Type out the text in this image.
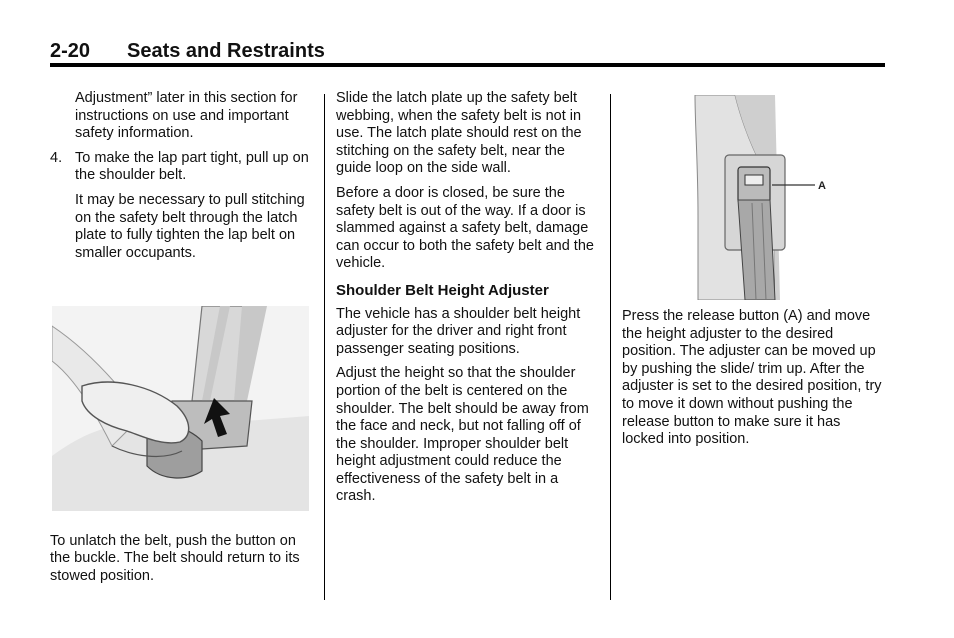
2-20 Seats and Restraints

Adjustment” later in this section for instructions on use and important safety information.

4. To make the lap part tight, pull up on the shoulder belt.

It may be necessary to pull stitching on the safety belt through the latch plate to fully tighten the lap belt on smaller occupants.

To unlatch the belt, push the button on the buckle. The belt should return to its stowed position.

Slide the latch plate up the safety belt webbing, when the safety belt is not in use. The latch plate should rest on the stitching on the safety belt, near the guide loop on the side wall.

Before a door is closed, be sure the safety belt is out of the way. If a door is slammed against a safety belt, damage can occur to both the safety belt and the vehicle.

Shoulder Belt Height Adjuster

The vehicle has a shoulder belt height adjuster for the driver and right front passenger seating positions.

Adjust the height so that the shoulder portion of the belt is centered on the shoulder. The belt should be away from the face and neck, but not falling off of the shoulder. Improper shoulder belt height adjustment could reduce the effectiveness of the safety belt in a crash.

A

Press the release button (A) and move the height adjuster to the desired position. The adjuster can be moved up by pushing the slide/ trim up. After the adjuster is set to the desired position, try to move it down without pushing the release button to make sure it has locked into position.
